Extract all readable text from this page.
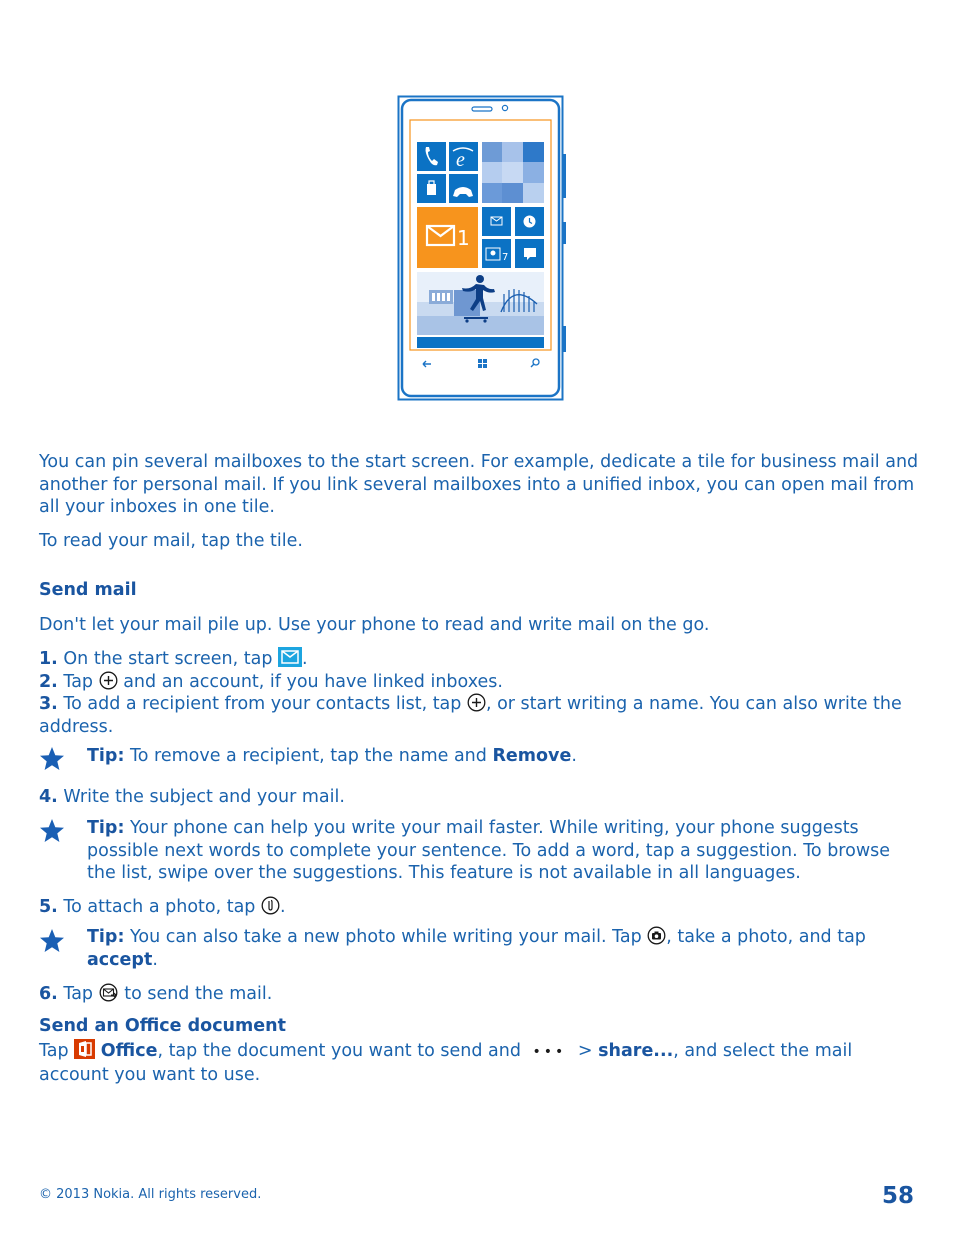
e
1
7

You can pin several mailboxes to the start screen. For example, dedicate a tile for business mail and another for personal mail. If you link several mailboxes into a unified inbox, you can open mail from all your inboxes in one tile.

To read your mail, tap the tile.

Send mail

Don't let your mail pile up. Use your phone to read and write mail on the go.

1. On the start screen, tap .

2. Tap and an account, if you have linked inboxes.

3. To add a recipient from your contacts list, tap , or start writing a name. You can also write the address.

Tip: To remove a recipient, tap the name and Remove.

4. Write the subject and your mail.

Tip: Your phone can help you write your mail faster. While writing, your phone suggests possible next words to complete your sentence. To add a word, tap a suggestion. To browse the list, swipe over the suggestions. This feature is not available in all languages.

5. To attach a photo, tap .

Tip: You can also take a new photo while writing your mail. Tap , take a photo, and tap accept.

6. Tap to send the mail.

Send an Office document

Tap Office, tap the document you want to send and ••• > share..., and select the mail account you want to use.

© 2013 Nokia. All rights reserved.	58
